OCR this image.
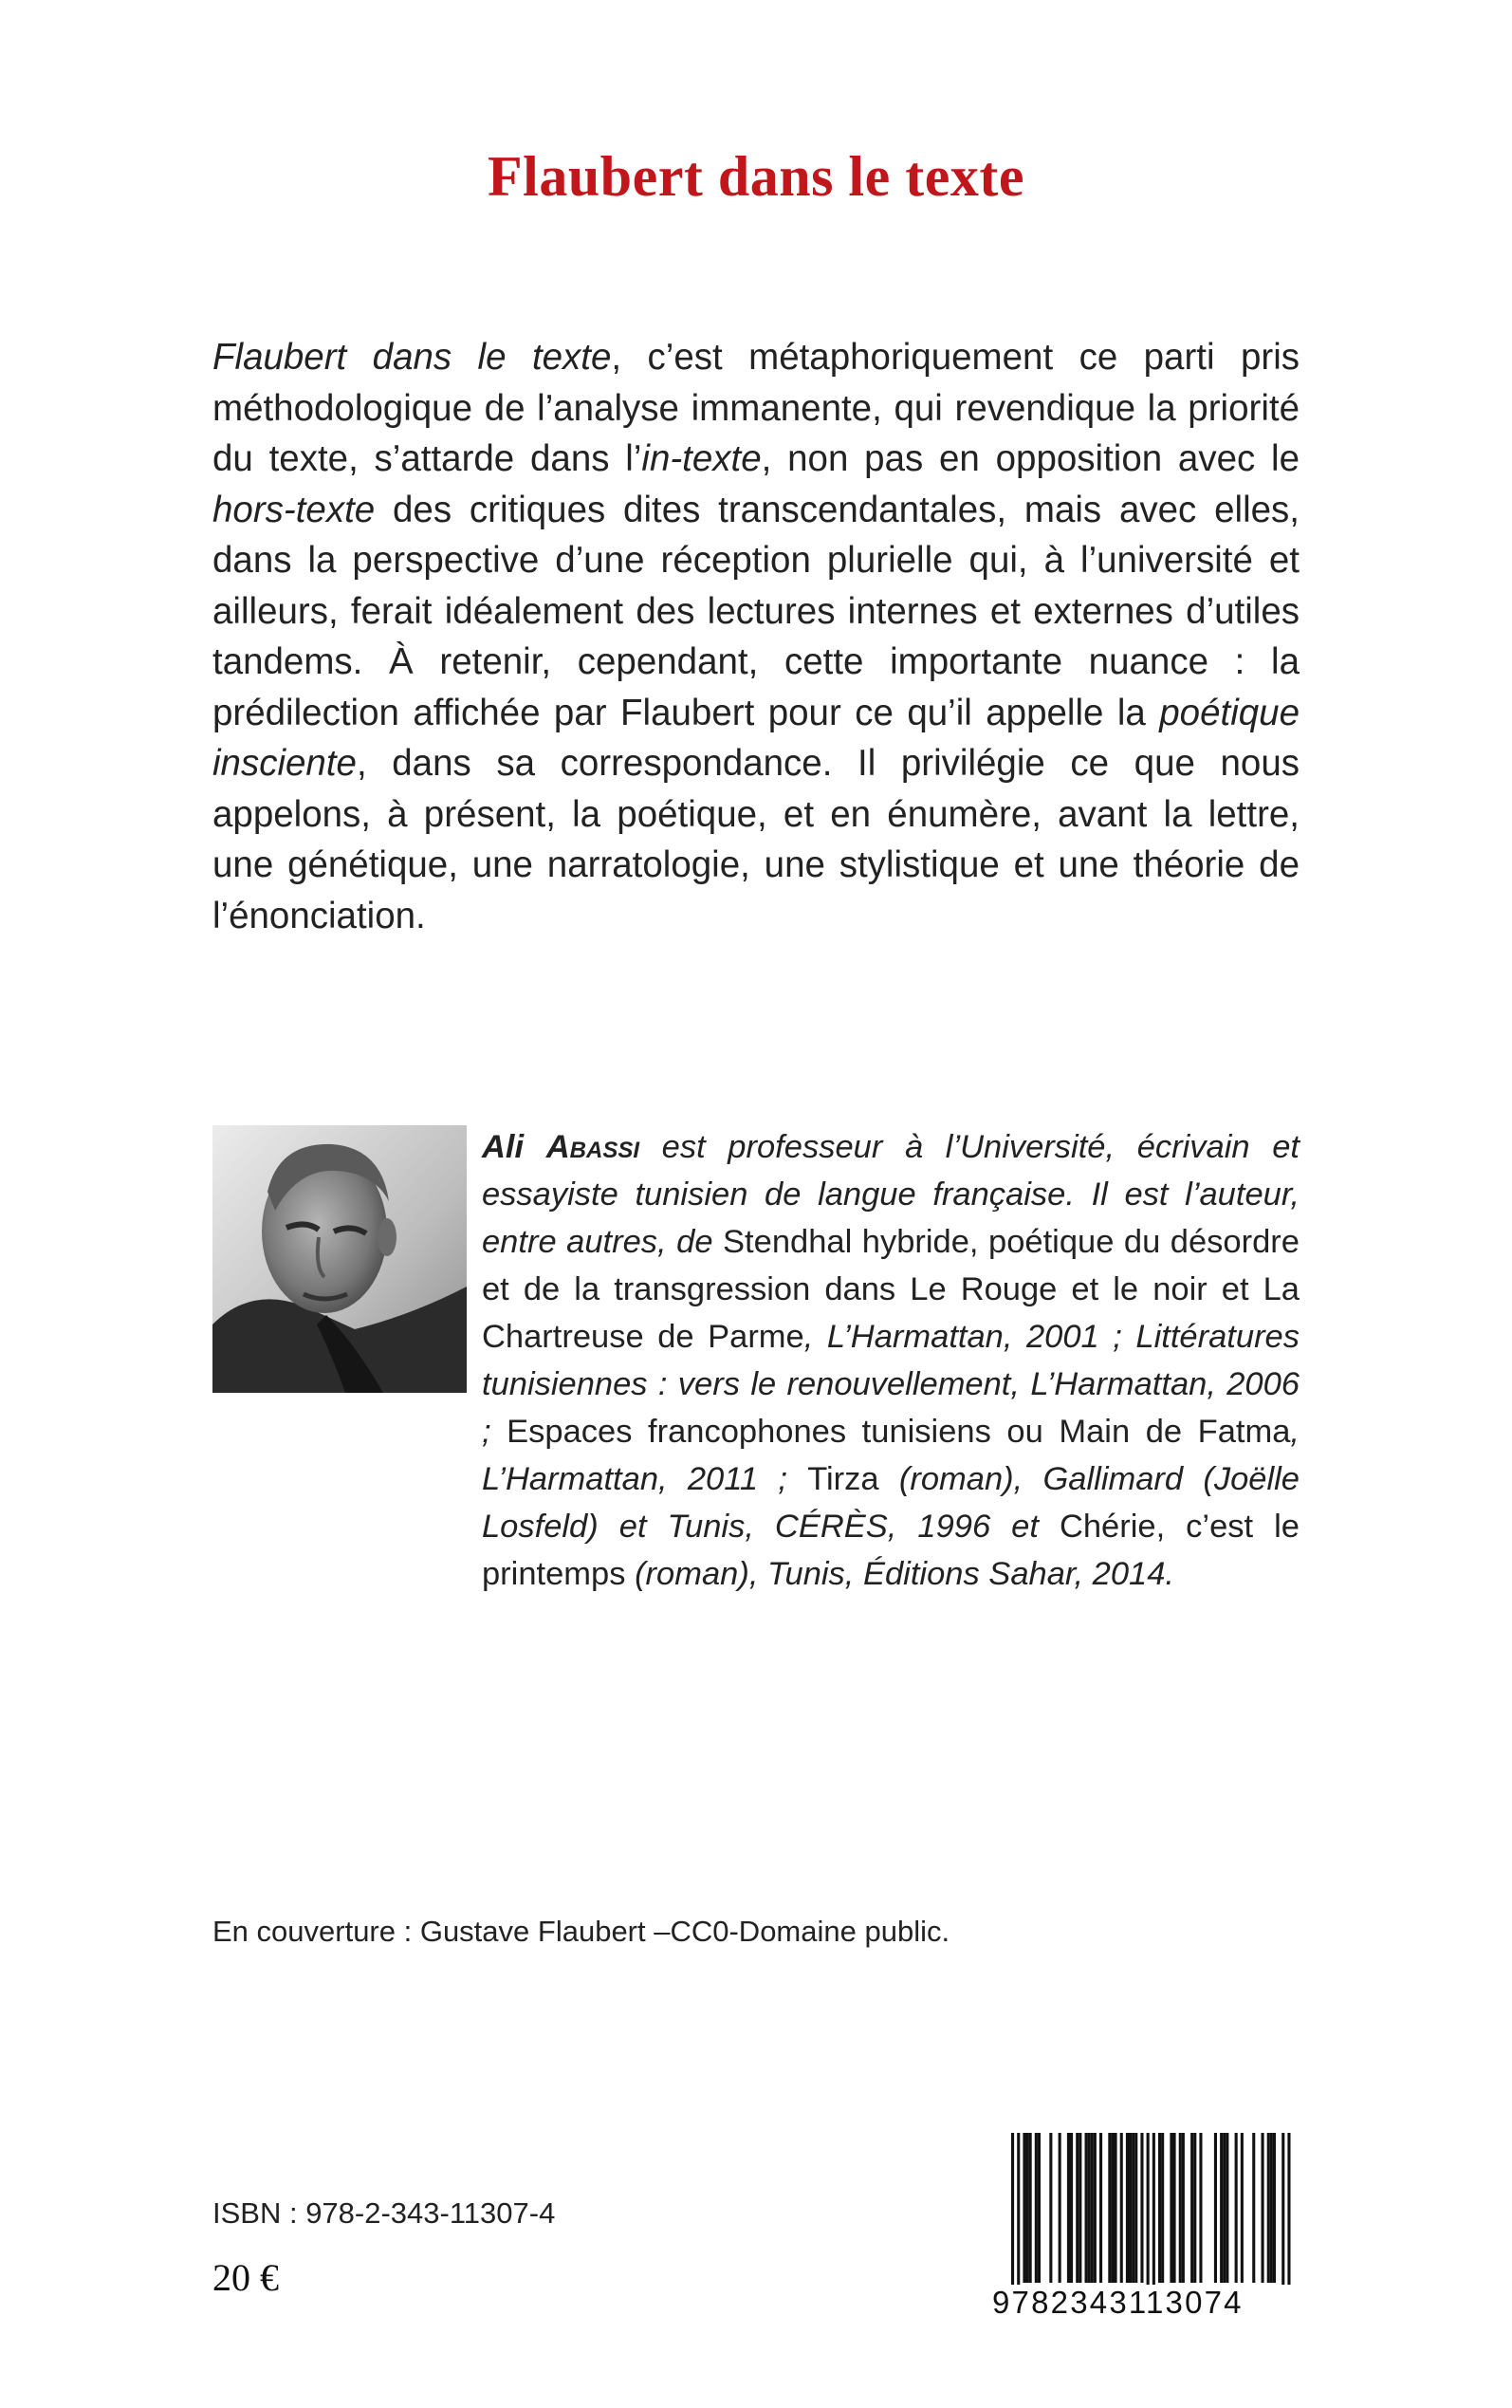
Flaubert dans le texte

Flaubert dans le texte, c’est métaphoriquement ce parti pris méthodologique de l’analyse immanente, qui revendique la priorité du texte, s’attarde dans l’in-texte, non pas en opposition avec le hors-texte des critiques dites transcendantales, mais avec elles, dans la perspective d’une réception plurielle qui, à l’université et ailleurs, ferait idéalement des lectures internes et externes d’utiles tandems. À retenir, cependant, cette importante nuance : la prédilection affichée par Flaubert pour ce qu’il appelle la poétique insciente, dans sa correspondance. Il privilégie ce que nous appelons, à présent, la poétique, et en énumère, avant la lettre, une génétique, une narratologie, une stylistique et une théorie de l’énonciation.

Ali Abassi est professeur à l’Université, écrivain et essayiste tunisien de langue française. Il est l’auteur, entre autres, de Stendhal hybride, poétique du désordre et de la transgression dans Le Rouge et le noir et La Chartreuse de Parme, L’Harmattan, 2001 ; Littératures tunisiennes : vers le renouvellement, L’Harmattan, 2006 ; Espaces francophones tunisiens ou Main de Fatma, L’Harmattan, 2011 ; Tirza (roman), Gallimard (Joëlle Losfeld) et Tunis, CÉRÈS, 1996 et Chérie, c’est le printemps (roman), Tunis, Éditions Sahar, 2014.

En couverture : Gustave Flaubert –CC0-Domaine public.
ISBN : 978-2-343-11307-4
20 €
9782343113074
